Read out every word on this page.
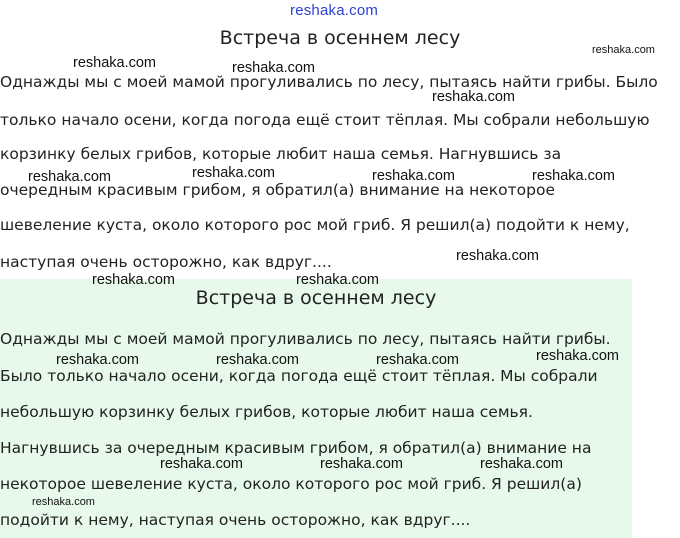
reshaka.com
Встреча в осеннем лесу
Однажды мы с моей мамой прогуливались по лесу, пытаясь найти грибы. Было
только начало осени, когда погода ещё стоит тёплая. Мы собрали небольшую
корзинку белых грибов, которые любит наша семья. Нагнувшись за
очередным красивым грибом, я обратил(а) внимание на некоторое
шевеление куста, около которого рос мой гриб. Я решил(а) подойти к нему,
наступая очень осторожно, как вдруг....
Встреча в осеннем лесу
Однажды мы с моей мамой прогуливались по лесу, пытаясь найти грибы.
Было только начало осени, когда погода ещё стоит тёплая. Мы собрали
небольшую корзинку белых грибов, которые любит наша семья.
Нагнувшись за очередным красивым грибом, я обратил(а) внимание на
некоторое шевеление куста, около которого рос мой гриб. Я решил(а)
подойти к нему, наступая очень осторожно, как вдруг....
reshaka.com	reshaka.com
reshaka.com
reshaka.com
reshaka.com	reshaka.com	reshaka.com	reshaka.com
reshaka.com
reshaka.com	reshaka.com
reshaka.com	reshaka.com	reshaka.com	reshaka.com
reshaka.com	reshaka.com	reshaka.com
reshaka.com
